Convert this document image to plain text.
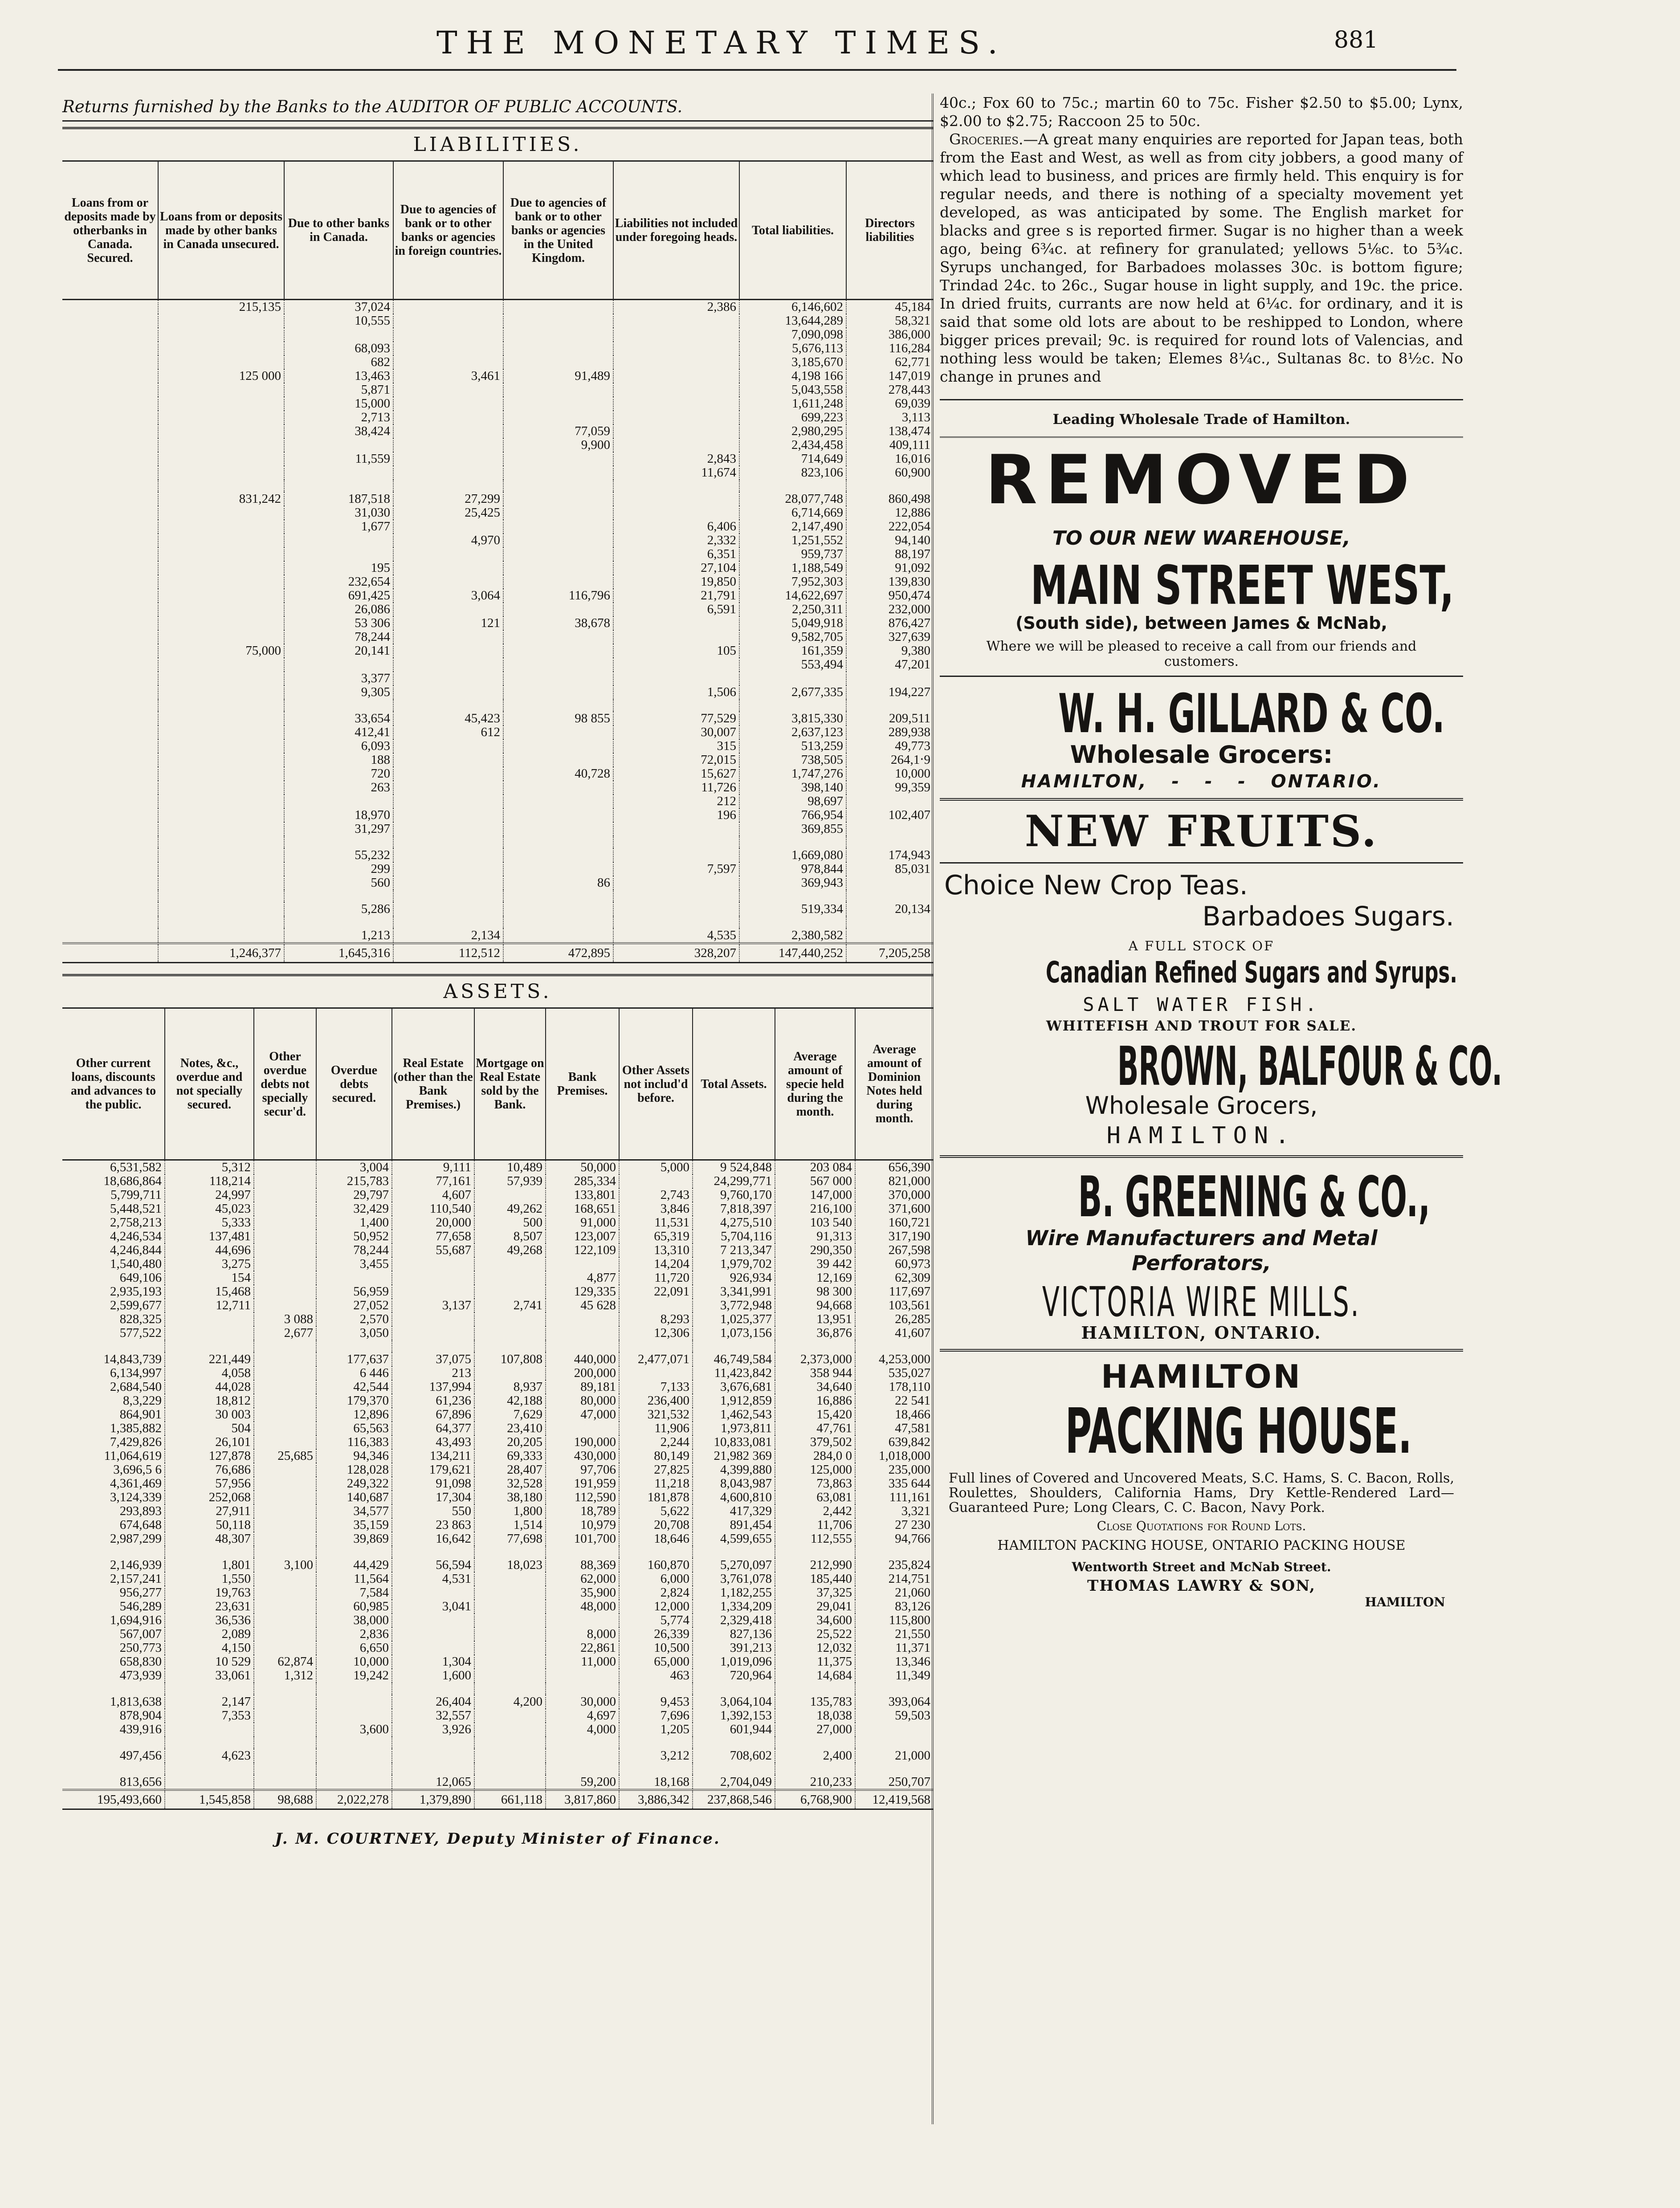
THE MONETARY TIMES.	881
Returns furnished by the Banks to the AUDITOR OF PUBLIC ACCOUNTS.
LIABILITIES.
Loans from or deposits made by otherbanks in Canada. Secured.	Loans from or deposits made by other banks in Canada unsecured.	Due to other banks in Canada.	Due to agencies of bank or to other banks or agencies in foreign countries.	Due to agencies of bank or to other banks or agencies in the United Kingdom.	Liabilities not included under foregoing heads.	Total liabilities.	Directors liabilities
	215,135	37,024			2,386	6,146,602	45,184
		10,555				13,644,289	58,321
						7,090,098	386,000
		68,093				5,676,113	116,284
		682				3,185,670	62,771
	125 000	13,463	3,461	91,489		4,198 166	147,019
		5,871				5,043,558	278,443
		15,000				1,611,248	69,039
		2,713				699,223	3,113
		38,424		77,059		2,980,295	138,474
				9,900		2,434,458	409,111
		11,559			2,843	714,649	16,016
					11,674	823,106	60,900

	831,242	187,518	27,299			28,077,748	860,498
		31,030	25,425			6,714,669	12,886
		1,677			6,406	2,147,490	222,054
			4,970		2,332	1,251,552	94,140
					6,351	959,737	88,197
		195			27,104	1,188,549	91,092
		232,654			19,850	7,952,303	139,830
		691,425	3,064	116,796	21,791	14,622,697	950,474
		26,086			6,591	2,250,311	232,000
		53 306	121	38,678		5,049,918	876,427
		78,244				9,582,705	327,639
	75,000	20,141			105	161,359	9,380
						553,494	47,201
		3,377					
		9,305			1,506	2,677,335	194,227

		33,654	45,423	98 855	77,529	3,815,330	209,511
		412,41	612		30,007	2,637,123	289,938
		6,093			315	513,259	49,773
		188			72,015	738,505	264,1‧9
		720		40,728	15,627	1,747,276	10,000
		263			11,726	398,140	99,359
					212	98,697	
		18,970			196	766,954	102,407
		31,297				369,855	

		55,232				1,669,080	174,943
		299			7,597	978,844	85,031
		560		86		369,943	

		5,286				519,334	20,134

		1,213	2,134		4,535	2,380,582	
	1,246,377	1,645,316	112,512	472,895	328,207	147,440,252	7,205,258
ASSETS.
Other current loans, discounts and advances to the public.	Notes, &c., overdue and not specially secured.	Other overdue debts not specially secur'd.	Overdue debts secured.	Real Estate (other than the Bank Premises.)	Mortgage on Real Estate sold by the Bank.	Bank Premises.	Other Assets not includ'd before.	Total Assets.	Average amount of specie held during the month.	Average amount of Dominion Notes held during month.
6,531,582	5,312		3,004	9,111	10,489	50,000	5,000	9 524,848	203 084	656,390
18,686,864	118,214		215,783	77,161	57,939	285,334		24,299,771	567 000	821,000
5,799,711	24,997		29,797	4,607		133,801	2,743	9,760,170	147,000	370,000
5,448,521	45,023		32,429	110,540	49,262	168,651	3,846	7,818,397	216,100	371,600
2,758,213	5,333		1,400	20,000	500	91,000	11,531	4,275,510	103 540	160,721
4,246,534	137,481		50,952	77,658	8,507	123,007	65,319	5,704,116	91,313	317,190
4,246,844	44,696		78,244	55,687	49,268	122,109	13,310	7 213,347	290,350	267,598
1,540,480	3,275		3,455				14,204	1,979,702	39 442	60,973
649,106	154					4,877	11,720	926,934	12,169	62,309
2,935,193	15,468		56,959			129,335	22,091	3,341,991	98 300	117,697
2,599,677	12,711		27,052	3,137	2,741	45 628		3,772,948	94,668	103,561
828,325		3 088	2,570				8,293	1,025,377	13,951	26,285
577,522		2,677	3,050				12,306	1,073,156	36,876	41,607

14,843,739	221,449		177,637	37,075	107,808	440,000	2,477,071	46,749,584	2,373,000	4,253,000
6,134,997	4,058		6 446	213		200,000		11,423,842	358 944	535,027
2,684,540	44,028		42,544	137,994	8,937	89,181	7,133	3,676,681	34,640	178,110
8,3,229	18,812		179,370	61,236	42,188	80,000	236,400	1,912,859	16,886	22 541
864,901	30 003		12,896	67,896	7,629	47,000	321,532	1,462,543	15,420	18,466
1,385,882	504		65,563	64,377	23,410		11,906	1,973,811	47,761	47,581
7,429,826	26,101		116,383	43,493	20,205	190,000	2,244	10,833,081	379,502	639,842
11,064,619	127,878	25,685	94,346	134,211	69,333	430,000	80,149	21,982 369	284,0 0	1,018,000
3,696,5 6	76,686		128,028	179,621	28,407	97,706	27,825	4,399,880	125,000	235,000
4,361,469	57,956		249,322	91,098	32,528	191,959	11,218	8,043,987	73,863	335 644
3,124,339	252,068		140,687	17,304	38,180	112,590	181,878	4,600,810	63,081	111,161
293,893	27,911		34,577	550	1,800	18,789	5,622	417,329	2,442	3,321
674,648	50,118		35,159	23 863	1,514	10,979	20,708	891,454	11,706	27 230
2,987,299	48,307		39,869	16,642	77,698	101,700	18,646	4,599,655	112,555	94,766

2,146,939	1,801	3,100	44,429	56,594	18,023	88,369	160,870	5,270,097	212,990	235,824
2,157,241	1,550		11,564	4,531		62,000	6,000	3,761,078	185,440	214,751
956,277	19,763		7,584			35,900	2,824	1,182,255	37,325	21,060
546,289	23,631		60,985	3,041		48,000	12,000	1,334,209	29,041	83,126
1,694,916	36,536		38,000				5,774	2,329,418	34,600	115,800
567,007	2,089		2,836			8,000	26,339	827,136	25,522	21,550
250,773	4,150		6,650			22,861	10,500	391,213	12,032	11,371
658,830	10 529	62,874	10,000	1,304		11,000	65,000	1,019,096	11,375	13,346
473,939	33,061	1,312	19,242	1,600			463	720,964	14,684	11,349

1,813,638	2,147			26,404	4,200	30,000	9,453	3,064,104	135,783	393,064
878,904	7,353			32,557		4,697	7,696	1,392,153	18,038	59,503
439,916			3,600	3,926		4,000	1,205	601,944	27,000	

497,456	4,623						3,212	708,602	2,400	21,000

813,656				12,065		59,200	18,168	2,704,049	210,233	250,707
195,493,660	1,545,858	98,688	2,022,278	1,379,890	661,118	3,817,860	3,886,342	237,868,546	6,768,900	12,419,568
J. M. COURTNEY, Deputy Minister of Finance.
40c.; Fox 60 to 75c.; martin 60 to 75c. Fisher $2.50 to $5.00; Lynx, $2.00 to $2.75; Raccoon 25 to 50c.
Groceries.—A great many enquiries are reported for Japan teas, both from the East and West, as well as from city jobbers, a good many of which lead to business, and prices are firmly held. This enquiry is for regular needs, and there is nothing of a specialty movement yet developed, as was anticipated by some. The English market for blacks and gree s is reported firmer. Sugar is no higher than a week ago, being 6¾c. at refinery for granulated; yellows 5⅛c. to 5¾c. Syrups unchanged, for Barbadoes molasses 30c. is bottom figure; Trindad 24c. to 26c., Sugar house in light supply, and 19c. the price. In dried fruits, currants are now held at 6¼c. for ordinary, and it is said that some old lots are about to be reshipped to London, where bigger prices prevail; 9c. is required for round lots of Valencias, and nothing less would be taken; Elemes 8¼c., Sultanas 8c. to 8½c. No change in prunes and
Leading Wholesale Trade of Hamilton.
REMOVED
TO OUR NEW WAREHOUSE,
MAIN STREET WEST,
(South side), between James & McNab,
Where we will be pleased to receive a call from our friends and customers.
W. H. GILLARD & CO.
Wholesale Grocers:
HAMILTON,   -   -   -   ONTARIO.
NEW FRUITS.
Choice New Crop Teas.
Barbadoes Sugars.
A FULL STOCK OF
Canadian Refined Sugars and Syrups.
SALT WATER FISH.
WHITEFISH AND TROUT FOR SALE.
BROWN, BALFOUR & CO.
Wholesale Grocers,
HAMILTON.
B. GREENING & CO.,
Wire Manufacturers and Metal Perforators,
VICTORIA WIRE MILLS.
HAMILTON, ONTARIO.
HAMILTON
PACKING HOUSE.
Full lines of Covered and Uncovered Meats, S.C. Hams, S. C. Bacon, Rolls, Roulettes, Shoulders, California Hams, Dry Kettle-Rendered Lard—Guaranteed Pure; Long Clears, C. C. Bacon, Navy Pork.
Close Quotations for Round Lots.
HAMILTON PACKING HOUSE, ONTARIO PACKING HOUSE
Wentworth Street and McNab Street.
THOMAS LAWRY & SON,
HAMILTON
